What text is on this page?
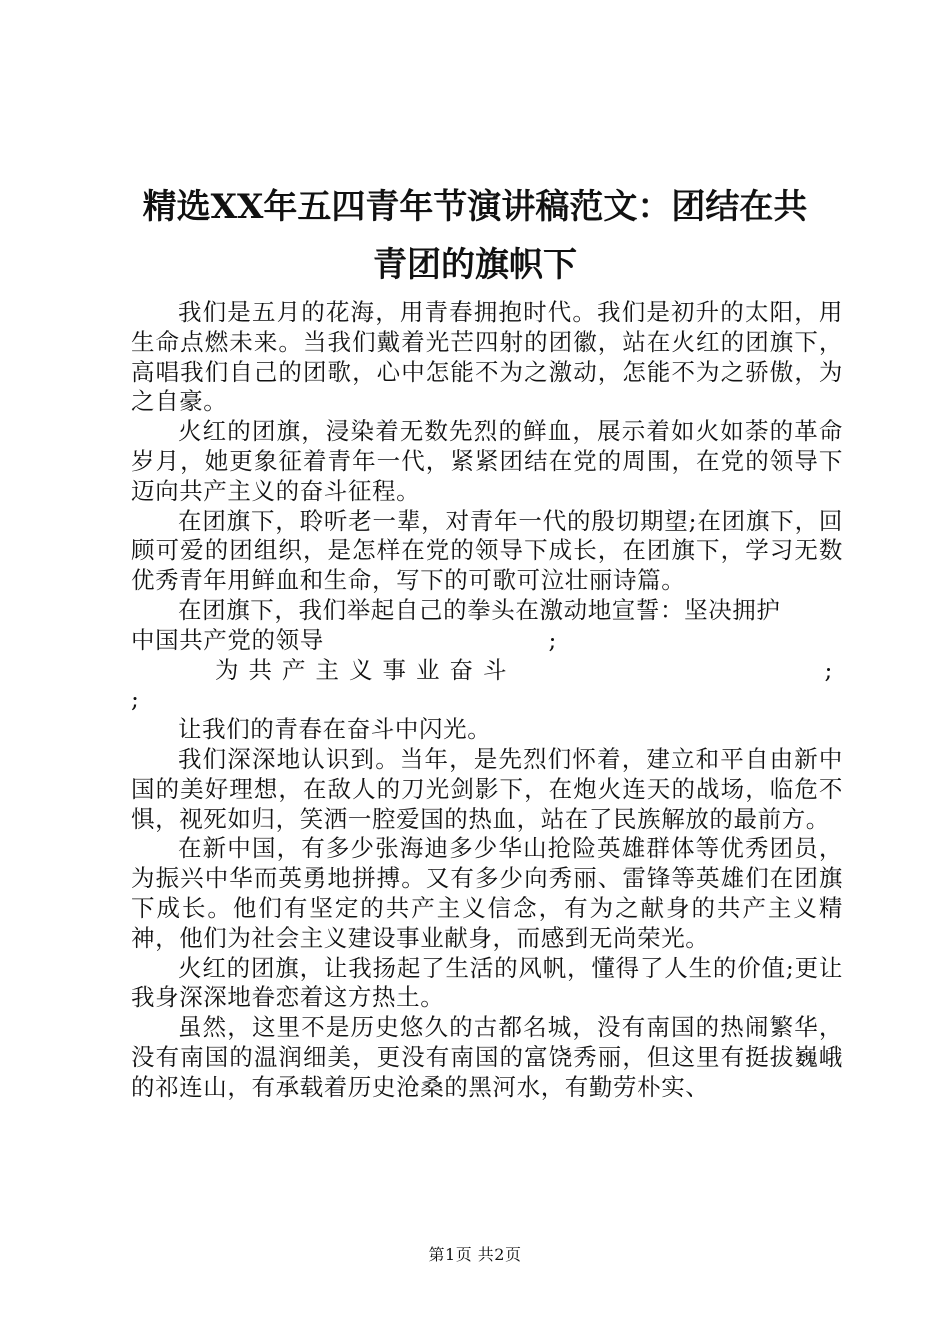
精选XX年五四青年节演讲稿范文：团结在共
青团的旗帜下

我们是五月的花海，用青春拥抱时代。我们是初升的太阳，用生命点燃未来。当我们戴着光芒四射的团徽，站在火红的团旗下，高唱我们自己的团歌，心中怎能不为之激动，怎能不为之骄傲，为之自豪。

火红的团旗，浸染着无数先烈的鲜血，展示着如火如荼的革命岁月，她更象征着青年一代，紧紧团结在党的周围，在党的领导下迈向共产主义的奋斗征程。

在团旗下，聆听老一辈，对青年一代的殷切期望;在团旗下，回顾可爱的团组织，是怎样在党的领导下成长，在团旗下，学习无数优秀青年用鲜血和生命，写下的可歌可泣壮丽诗篇。

在团旗下，我们举起自己的拳头在激动地宣誓：坚决拥护

中国共产党的领导	;
为共产主义事业奋斗	;

;

让我们的青春在奋斗中闪光。

我们深深地认识到。当年，是先烈们怀着，建立和平自由新中国的美好理想，在敌人的刀光剑影下，在炮火连天的战场，临危不惧，视死如归，笑洒一腔爱国的热血，站在了民族解放的最前方。

在新中国，有多少张海迪多少华山抢险英雄群体等优秀团员，为振兴中华而英勇地拼搏。又有多少向秀丽、雷锋等英雄们在团旗下成长。他们有坚定的共产主义信念，有为之献身的共产主义精神，他们为社会主义建设事业献身，而感到无尚荣光。

火红的团旗，让我扬起了生活的风帆，懂得了人生的价值;更让我身深深地眷恋着这方热土。

虽然，这里不是历史悠久的古都名城，没有南国的热闹繁华，没有南国的温润细美，更没有南国的富饶秀丽，但这里有挺拔巍峨的祁连山，有承载着历史沧桑的黑河水，有勤劳朴实、

第1页 共2页
